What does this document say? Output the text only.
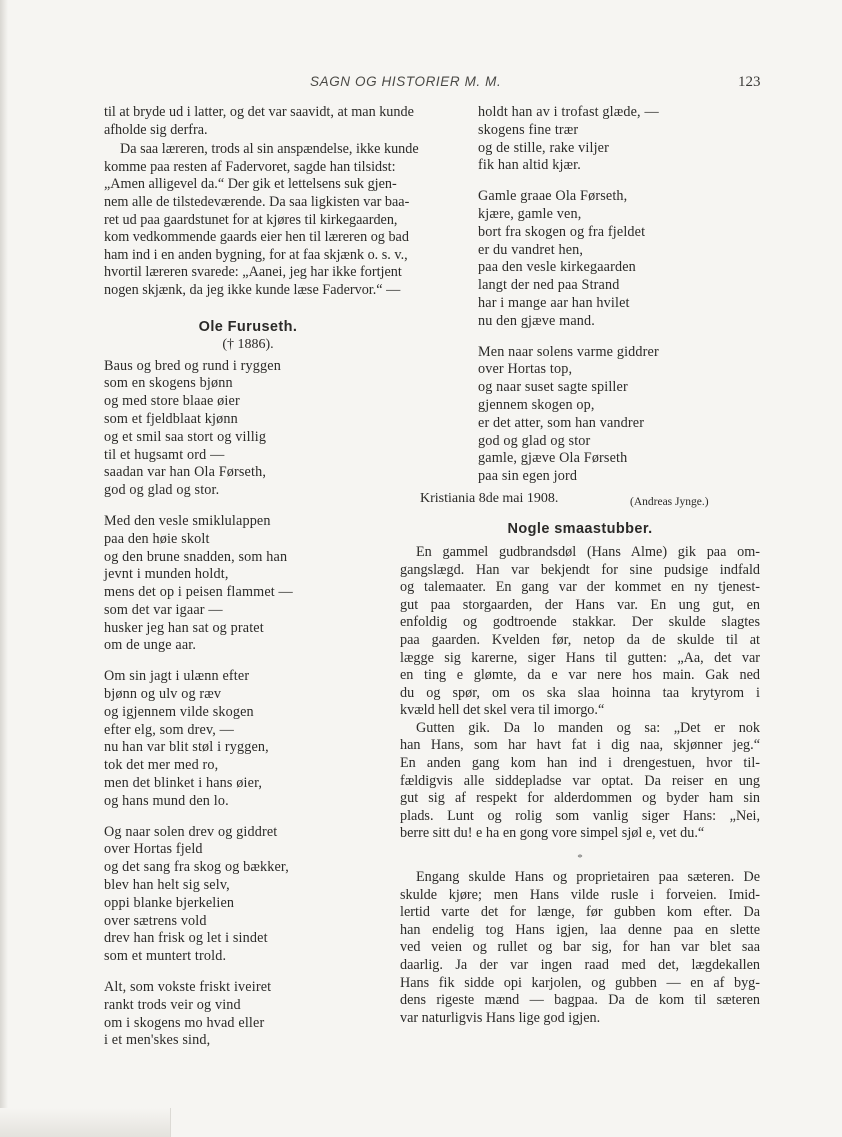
SAGN OG HISTORIER M. M.	123
til at bryde ud i latter, og det var saavidt, at man kunde
afholde sig derfra.
Da saa læreren, trods al sin anspændelse, ikke kunde
komme paa resten af Fadervoret, sagde han tilsidst:
„Amen alligevel da.“ Der gik et lettelsens suk gjen-
nem alle de tilstedeværende. Da saa ligkisten var baa-
ret ud paa gaardstunet for at kjøres til kirkegaarden,
kom vedkommende gaards eier hen til læreren og bad
ham ind i en anden bygning, for at faa skjænk o. s. v.,
hvortil læreren svarede: „Aanei, jeg har ikke fortjent
nogen skjænk, da jeg ikke kunde læse Fadervor.“ —
Ole Furuseth.
(† 1886).
Baus og bred og rund i ryggen
som en skogens bjønn
og med store blaae øier
som et fjeldblaat kjønn
og et smil saa stort og villig
til et hugsamt ord —
saadan var han Ola Førseth,
god og glad og stor.
Med den vesle smiklulappen
paa den høie skolt
og den brune snadden, som han
jevnt i munden holdt,
mens det op i peisen flammet —
som det var igaar —
husker jeg han sat og pratet
om de unge aar.
Om sin jagt i ulænn efter
bjønn og ulv og ræv
og igjennem vilde skogen
efter elg, som drev, —
nu han var blit støl i ryggen,
tok det mer med ro,
men det blinket i hans øier,
og hans mund den lo.
Og naar solen drev og giddret
over Hortas fjeld
og det sang fra skog og bækker,
blev han helt sig selv,
oppi blanke bjerkelien
over sætrens vold
drev han frisk og let i sindet
som et muntert trold.
Alt, som vokste friskt iveiret
rankt trods veir og vind
om i skogens mo hvad eller
i et men'skes sind,
holdt han av i trofast glæde, —
skogens fine trær
og de stille, rake viljer
fik han altid kjær.
Gamle graae Ola Førseth,
kjære, gamle ven,
bort fra skogen og fra fjeldet
er du vandret hen,
paa den vesle kirkegaarden
langt der ned paa Strand
har i mange aar han hvilet
nu den gjæve mand.
Men naar solens varme giddrer
over Hortas top,
og naar suset sagte spiller
gjennem skogen op,
er det atter, som han vandrer
god og glad og stor
gamle, gjæve Ola Førseth
paa sin egen jord
Kristiania 8de mai 1908.	(Andreas Jynge.)
Nogle smaastubber.
En gammel gudbrandsdøl (Hans Alme) gik paa om-
gangslægd. Han var bekjendt for sine pudsige indfald
og talemaater. En gang var der kommet en ny tjenest-
gut paa storgaarden, der Hans var. En ung gut, en
enfoldig og godtroende stakkar. Der skulde slagtes
paa gaarden. Kvelden før, netop da de skulde til at
lægge sig karerne, siger Hans til gutten: „Aa, det var
en ting e glømte, da e var nere hos main. Gak ned
du og spør, om os ska slaa hoinna taa krytyrom i
kvæld hell det skel vera til imorgo.“
Gutten gik. Da lo manden og sa: „Det er nok
han Hans, som har havt fat i dig naa, skjønner jeg.“
En anden gang kom han ind i drengestuen, hvor til-
fældigvis alle siddepladse var optat. Da reiser en ung
gut sig af respekt for alderdommen og byder ham sin
plads. Lunt og rolig som vanlig siger Hans: „Nei,
berre sitt du! e ha en gong vore simpel sjøl e, vet du.“
*
Engang skulde Hans og proprietairen paa sæteren. De
skulde kjøre; men Hans vilde rusle i forveien. Imid-
lertid varte det for længe, før gubben kom efter. Da
han endelig tog Hans igjen, laa denne paa en slette
ved veien og rullet og bar sig, for han var blet saa
daarlig. Ja der var ingen raad med det, lægdekallen
Hans fik sidde opi karjolen, og gubben — en af byg-
dens rigeste mænd — bagpaa. Da de kom til sæteren
var naturligvis Hans lige god igjen.
